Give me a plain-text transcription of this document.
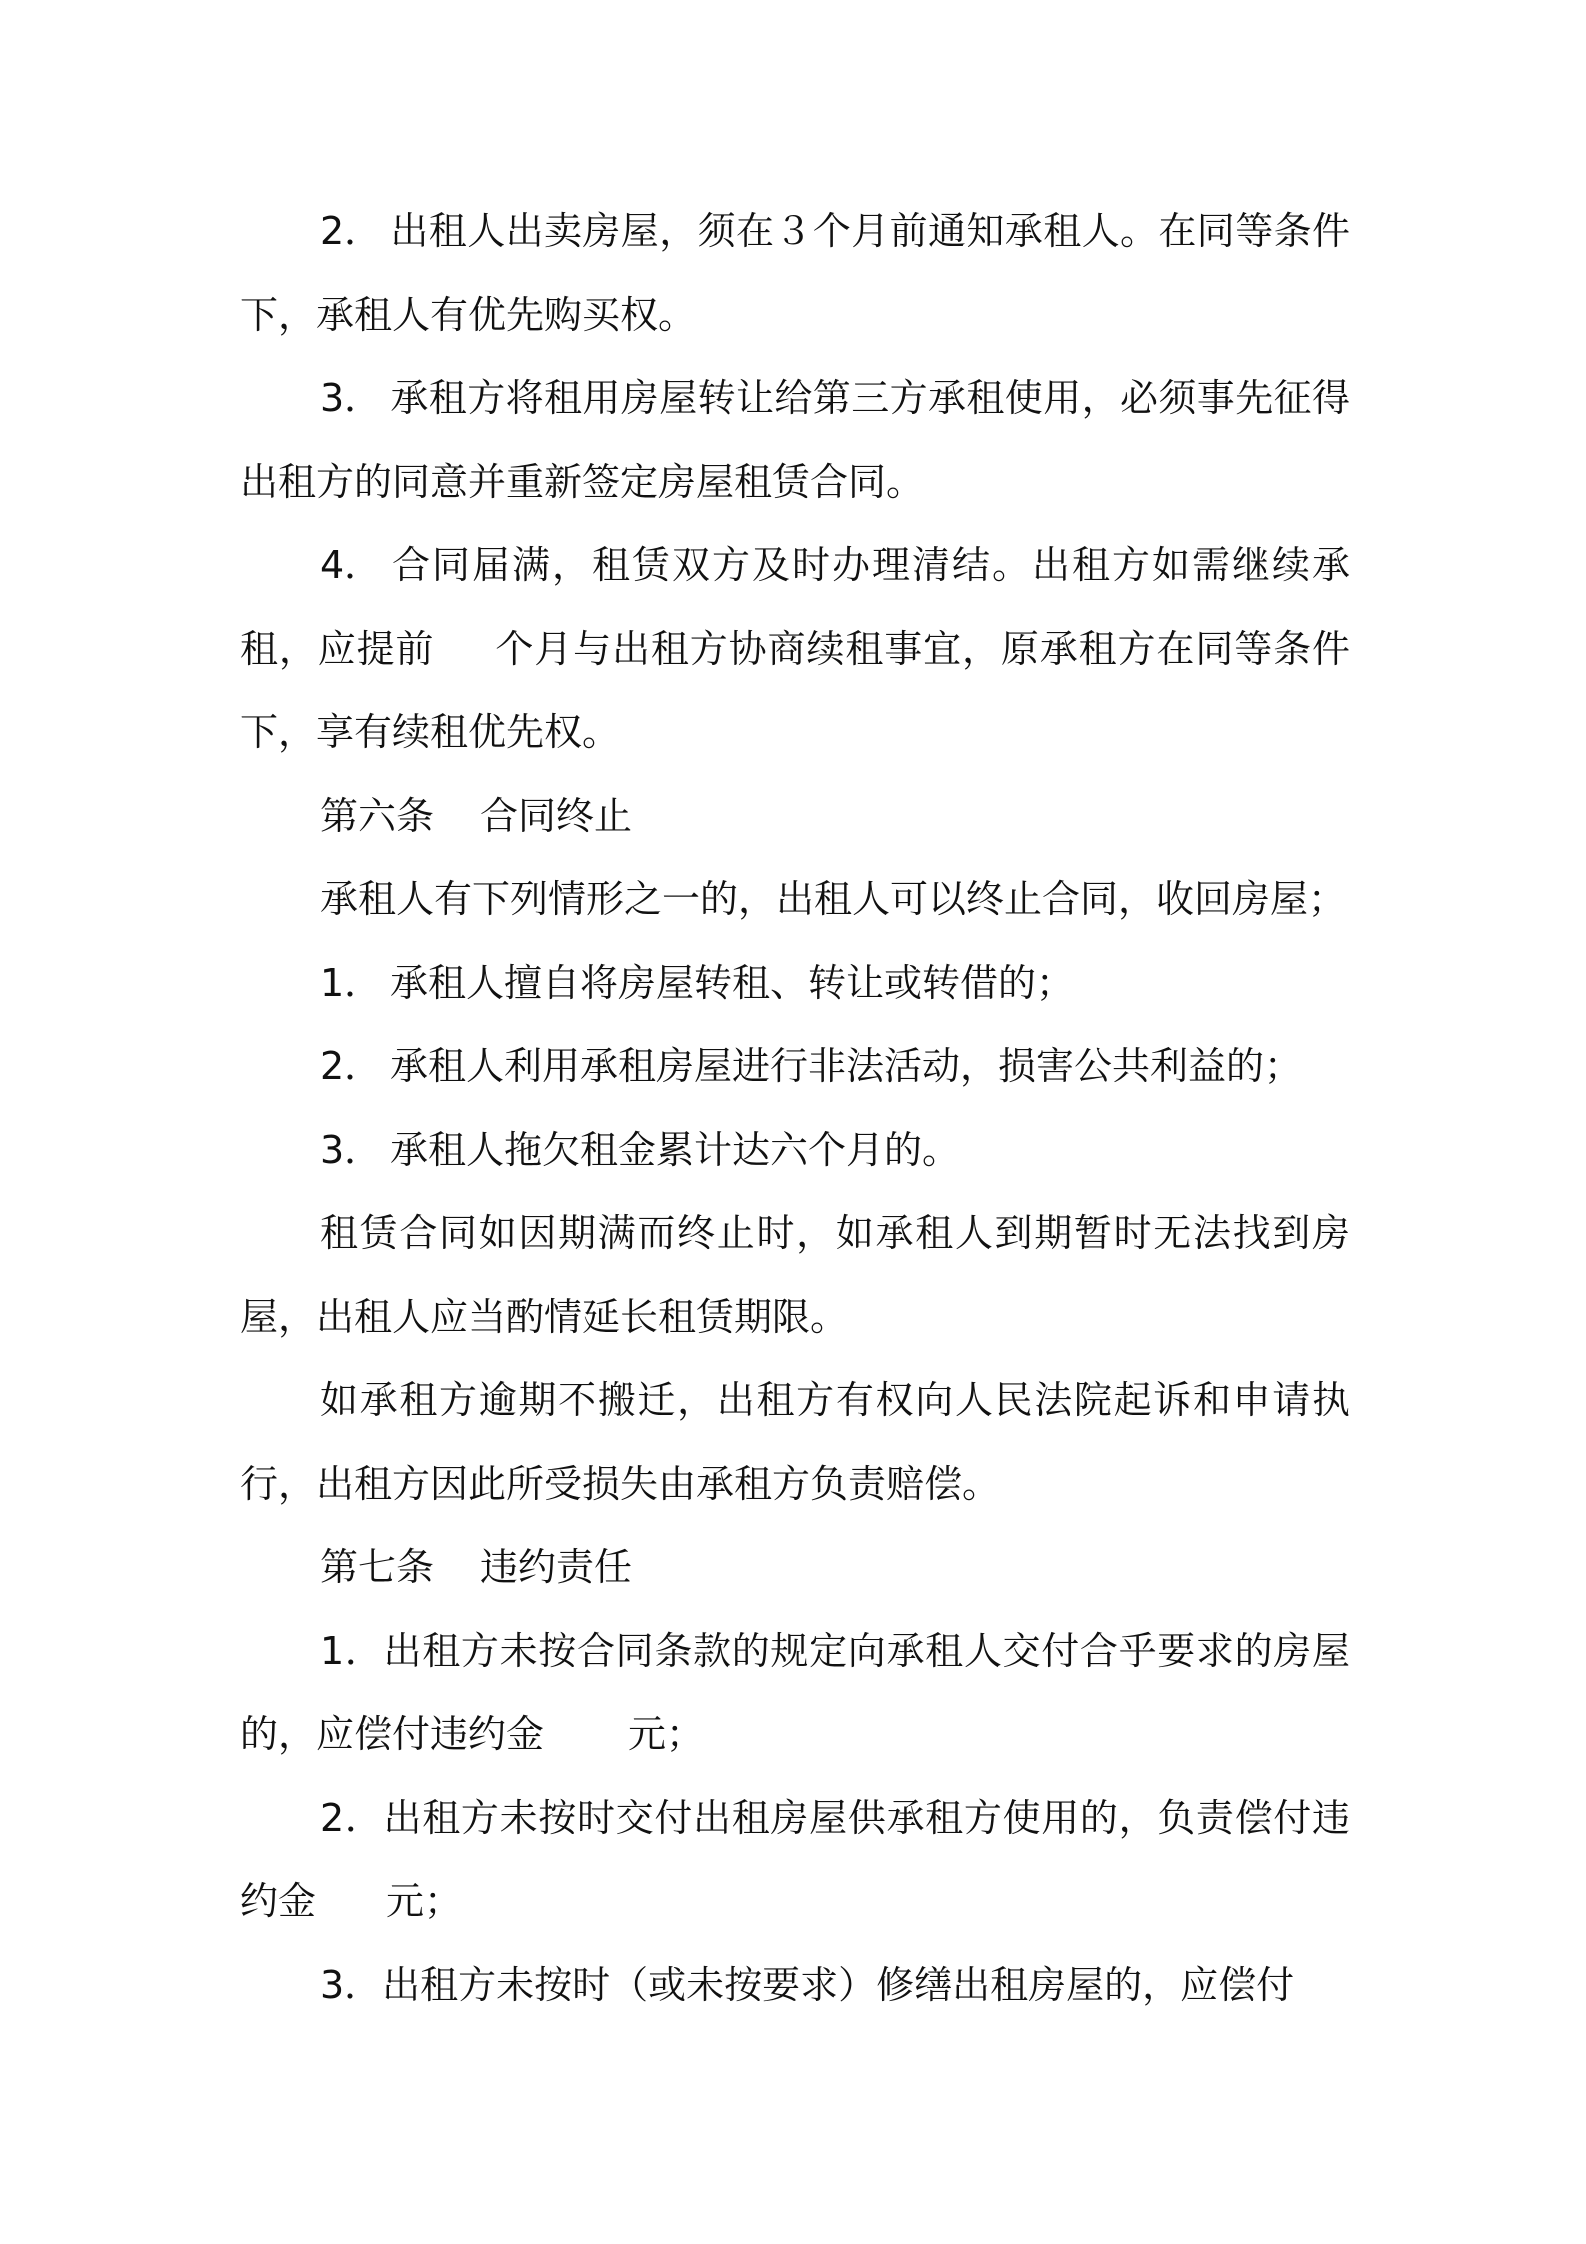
2． 出租人出卖房屋，须在３个月前通知承租人。在同等条件下，承租人有优先购买权。

3． 承租方将租用房屋转让给第三方承租使用，必须事先征得出租方的同意并重新签定房屋租赁合同。

4． 合同届满，租赁双方及时办理清结。出租方如需继续承租，应提前 个月与出租方协商续租事宜，原承租方在同等条件下，享有续租优先权。

第六条 合同终止

承租人有下列情形之一的，出租人可以终止合同，收回房屋；

1． 承租人擅自将房屋转租、转让或转借的；

2． 承租人利用承租房屋进行非法活动，损害公共利益的；

3． 承租人拖欠租金累计达六个月的。

租赁合同如因期满而终止时，如承租人到期暂时无法找到房屋，出租人应当酌情延长租赁期限。

如承租方逾期不搬迁，出租方有权向人民法院起诉和申请执行，出租方因此所受损失由承租方负责赔偿。

第七条 违约责任

1．出租方未按合同条款的规定向承租人交付合乎要求的房屋的，应偿付违约金 元；

2．出租方未按时交付出租房屋供承租方使用的，负责偿付违约金 元；

3．出租方未按时（或未按要求）修缮出租房屋的，应偿付
